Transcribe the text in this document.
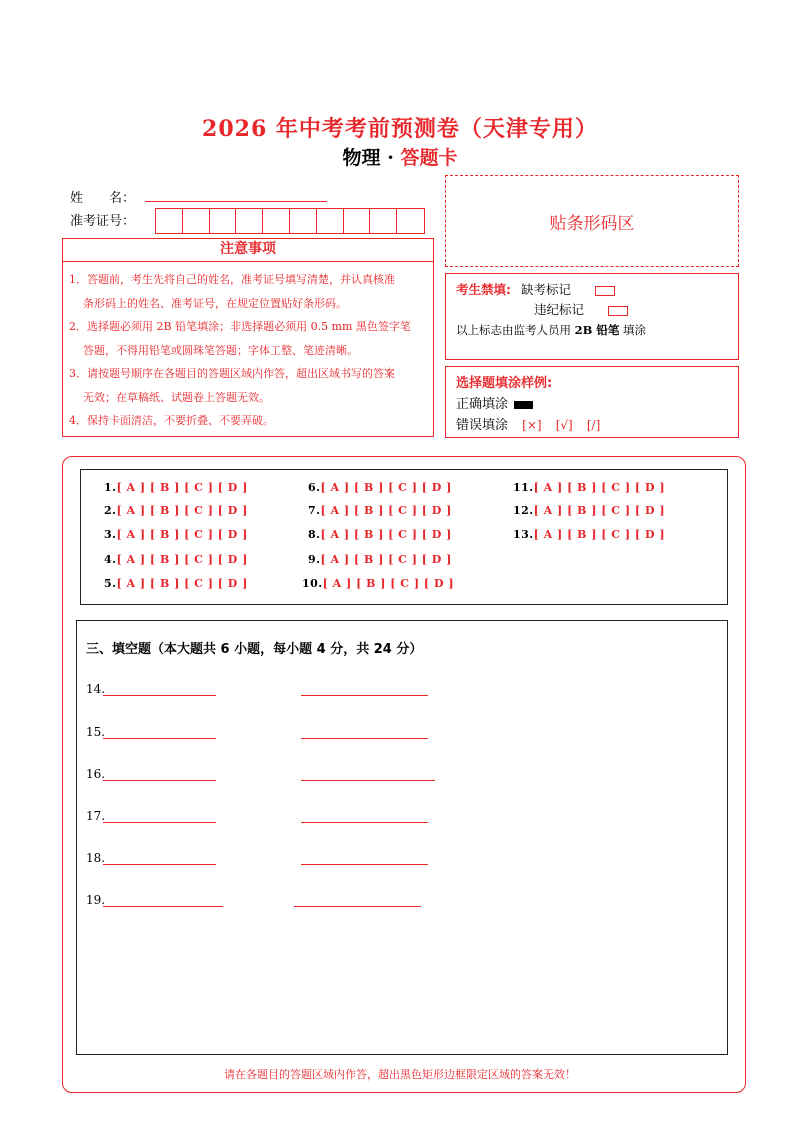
2026 年中考考前预测卷（天津专用）
物理 · 答题卡
姓　　名：
准考证号：	贴条形码区
注意事项
1．答题前，考生先将自己的姓名，准考证号填写清楚，并认真核准
条形码上的姓名、准考证号，在规定位置贴好条形码。
2．选择题必须用 2B 铅笔填涂；非选择题必须用 0.5 mm 黑色签字笔
答题，不得用铅笔或圆珠笔答题；字体工整、笔迹清晰。
3．请按题号顺序在各题目的答题区域内作答，超出区域书写的答案
无效；在草稿纸、试题卷上答题无效。
4．保持卡面清洁，不要折叠、不要弄破。
考生禁填: 缺考标记
违纪标记
以上标志由监考人员用 2B 铅笔 填涂
选择题填涂样例:
正确填涂
错误填涂 [×] [√] [/]
1.[ A ] [ B ] [ C ] [ D ]
2.[ A ] [ B ] [ C ] [ D ]
3.[ A ] [ B ] [ C ] [ D ]
4.[ A ] [ B ] [ C ] [ D ]
5.[ A ] [ B ] [ C ] [ D ]
6.[ A ] [ B ] [ C ] [ D ]
7.[ A ] [ B ] [ C ] [ D ]
8.[ A ] [ B ] [ C ] [ D ]
9.[ A ] [ B ] [ C ] [ D ]
10.[ A ] [ B ] [ C ] [ D ]
11.[ A ] [ B ] [ C ] [ D ]
12.[ A ] [ B ] [ C ] [ D ]
13.[ A ] [ B ] [ C ] [ D ]
三、填空题（本大题共 6 小题，每小题 4 分，共 24 分）
14.
15.
16.
17.
18.
19.
请在各题目的答题区域内作答，超出黑色矩形边框限定区域的答案无效！
